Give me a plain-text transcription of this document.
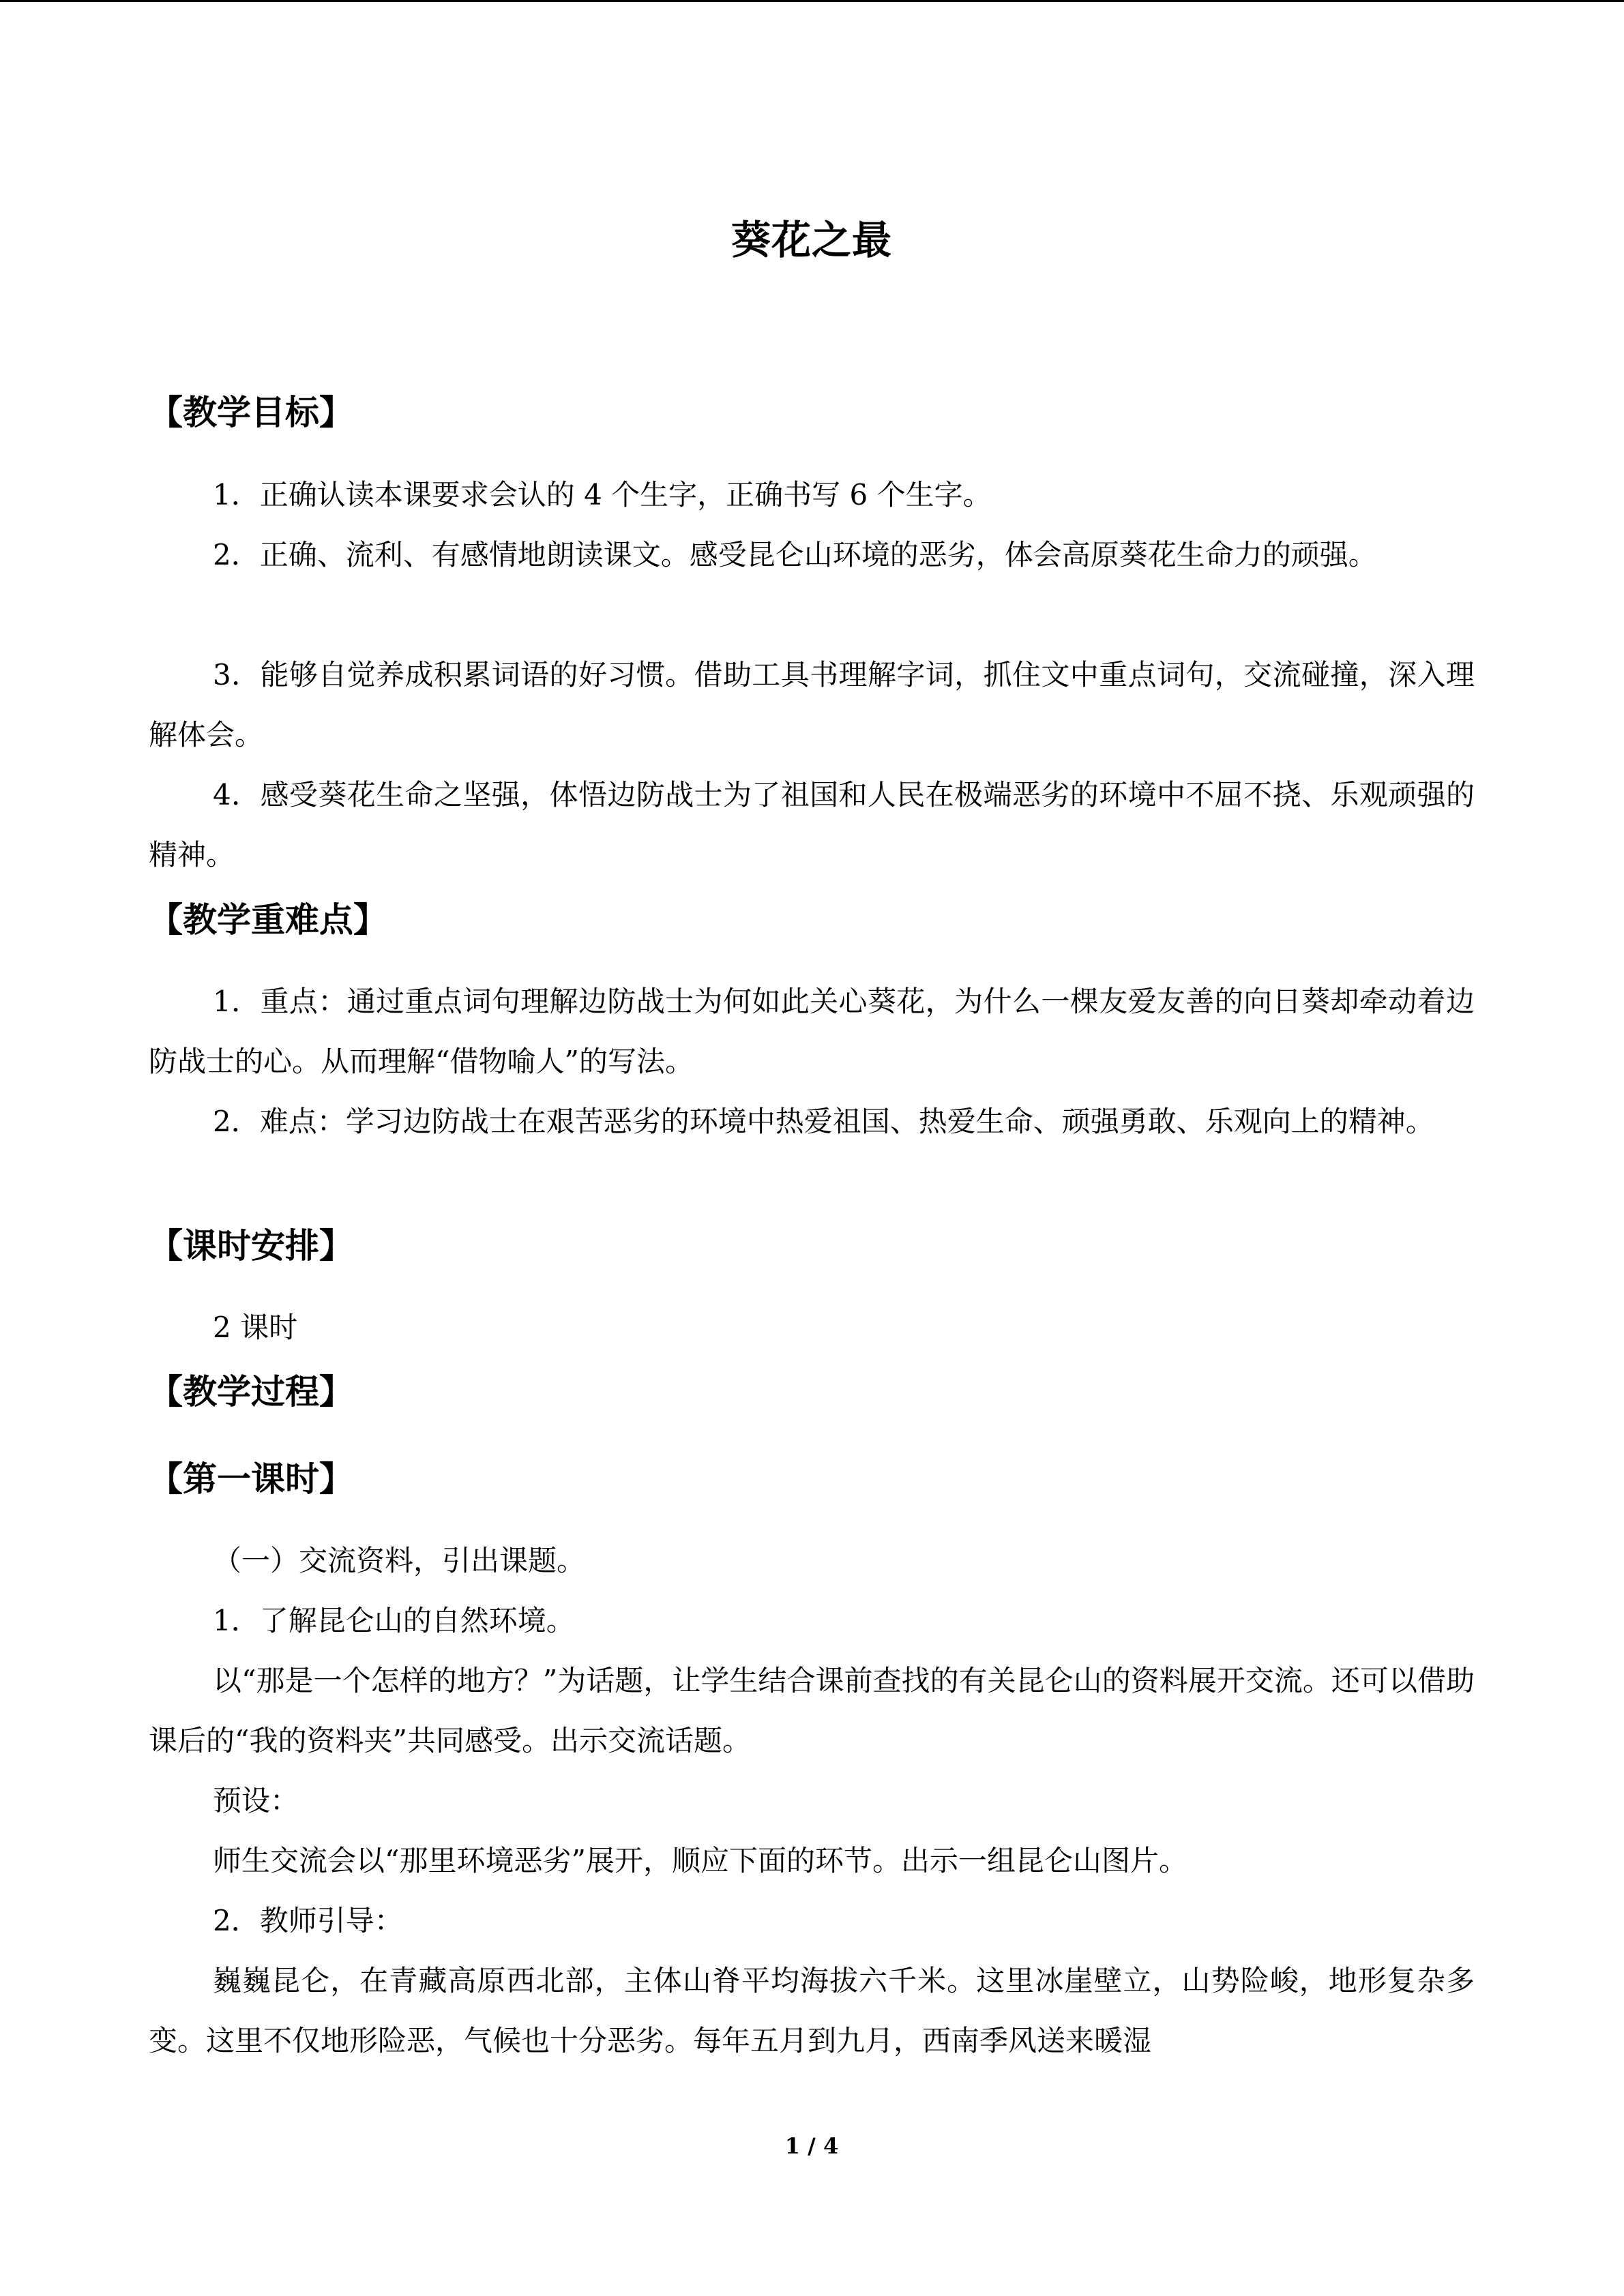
葵花之最
【教学目标】
1．正确认读本课要求会认的 4 个生字，正确书写 6 个生字。
2．正确、流利、有感情地朗读课文。感受昆仑山环境的恶劣，体会高原葵花生命力的顽强。
3．能够自觉养成积累词语的好习惯。借助工具书理解字词，抓住文中重点词句，交流碰撞，深入理解体会。
4．感受葵花生命之坚强，体悟边防战士为了祖国和人民在极端恶劣的环境中不屈不挠、乐观顽强的精神。
【教学重难点】
1．重点：通过重点词句理解边防战士为何如此关心葵花，为什么一棵友爱友善的向日葵却牵动着边防战士的心。从而理解“借物喻人”的写法。
2．难点：学习边防战士在艰苦恶劣的环境中热爱祖国、热爱生命、顽强勇敢、乐观向上的精神。
【课时安排】
2 课时
【教学过程】
【第一课时】
（一）交流资料，引出课题。
1．了解昆仑山的自然环境。
以“那是一个怎样的地方？”为话题，让学生结合课前查找的有关昆仑山的资料展开交流。还可以借助课后的“我的资料夹”共同感受。出示交流话题。
预设：
师生交流会以“那里环境恶劣”展开，顺应下面的环节。出示一组昆仑山图片。
2．教师引导：
巍巍昆仑，在青藏高原西北部，主体山脊平均海拔六千米。这里冰崖壁立，山势险峻，地形复杂多变。这里不仅地形险恶，气候也十分恶劣。每年五月到九月，西南季风送来暖湿
1 / 4
